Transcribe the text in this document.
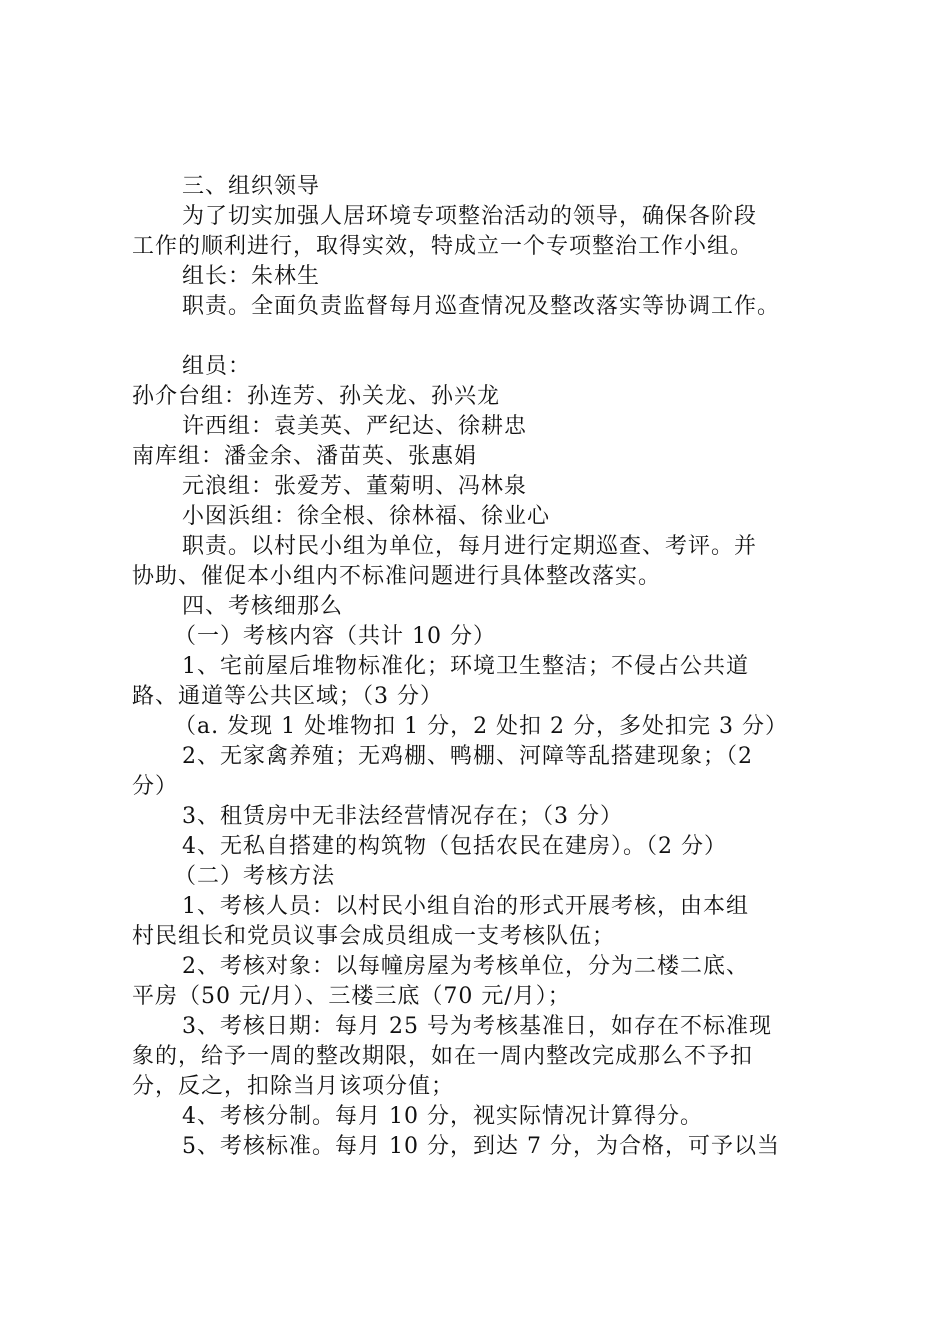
三、组织领导
为了切实加强人居环境专项整治活动的领导，确保各阶段
工作的顺利进行，取得实效，特成立一个专项整治工作小组。
组长：朱林生
职责。全面负责监督每月巡查情况及整改落实等协调工作。
组员：
孙介台组：孙连芳、孙关龙、孙兴龙
许西组：袁美英、严纪达、徐耕忠
南库组：潘金余、潘苗英、张惠娟
元浪组：张爱芳、董菊明、冯林泉
小囡浜组：徐全根、徐林福、徐业心
职责。以村民小组为单位，每月进行定期巡查、考评。并
协助、催促本小组内不标准问题进行具体整改落实。
四、考核细那么
（一）考核内容（共计 10 分）
1、宅前屋后堆物标准化；环境卫生整洁；不侵占公共道
路、通道等公共区域；（3 分）
（a. 发现 1 处堆物扣 1 分，2 处扣 2 分，多处扣完 3 分）
2、无家禽养殖；无鸡棚、鸭棚、河障等乱搭建现象；（2
分）
3、租赁房中无非法经营情况存在；（3 分）
4、无私自搭建的构筑物（包括农民在建房）。（2 分）
（二）考核方法
1、考核人员：以村民小组自治的形式开展考核，由本组
村民组长和党员议事会成员组成一支考核队伍；
2、考核对象：以每幢房屋为考核单位，分为二楼二底、
平房（50 元/月）、三楼三底（70 元/月）；
3、考核日期：每月 25 号为考核基准日，如存在不标准现
象的，给予一周的整改期限，如在一周内整改完成那么不予扣
分，反之，扣除当月该项分值；
4、考核分制。每月 10 分，视实际情况计算得分。
5、考核标准。每月 10 分，到达 7 分，为合格，可予以当
